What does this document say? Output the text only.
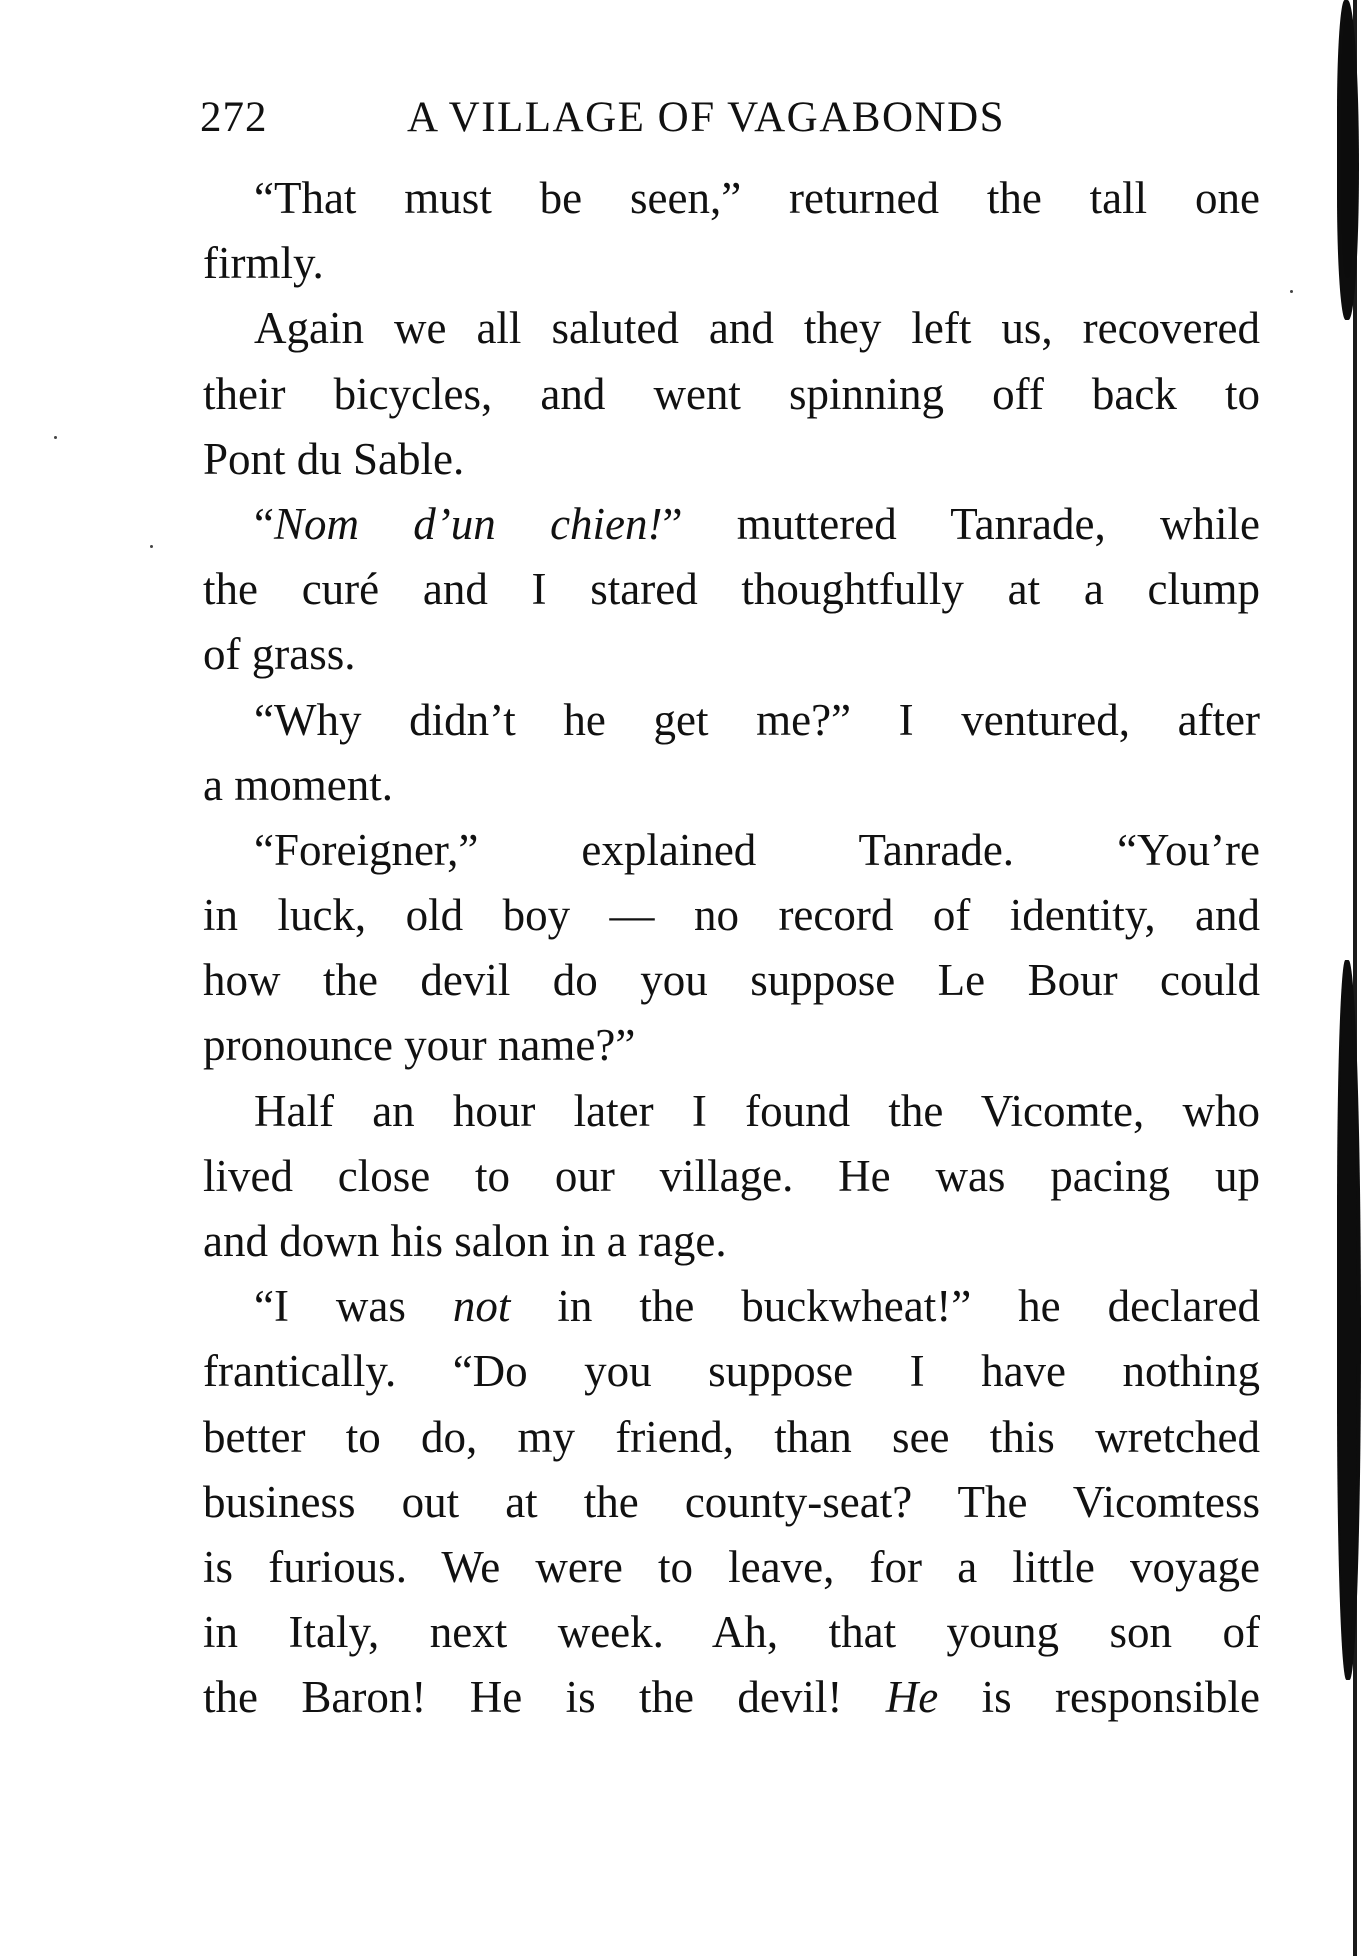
272	A VILLAGE OF VAGABONDS
“That must be seen,” returned the tall one
firmly.
Again we all saluted and they left us, recovered
their bicycles, and went spinning off back to
Pont du Sable.
“Nom d’un chien!” muttered Tanrade, while
the curé and I stared thoughtfully at a clump
of grass.
“Why didn’t he get me?” I ventured, after
a moment.
“Foreigner,” explained Tanrade. “You’re
in luck, old boy — no record of identity, and
how the devil do you suppose Le Bour could
pronounce your name?”
Half an hour later I found the Vicomte, who
lived close to our village. He was pacing up
and down his salon in a rage.
“I was not in the buckwheat!” he declared
frantically. “Do you suppose I have nothing
better to do, my friend, than see this wretched
business out at the county-seat? The Vicomtess
is furious. We were to leave, for a little voyage
in Italy, next week. Ah, that young son of
the Baron! He is the devil! He is responsible
